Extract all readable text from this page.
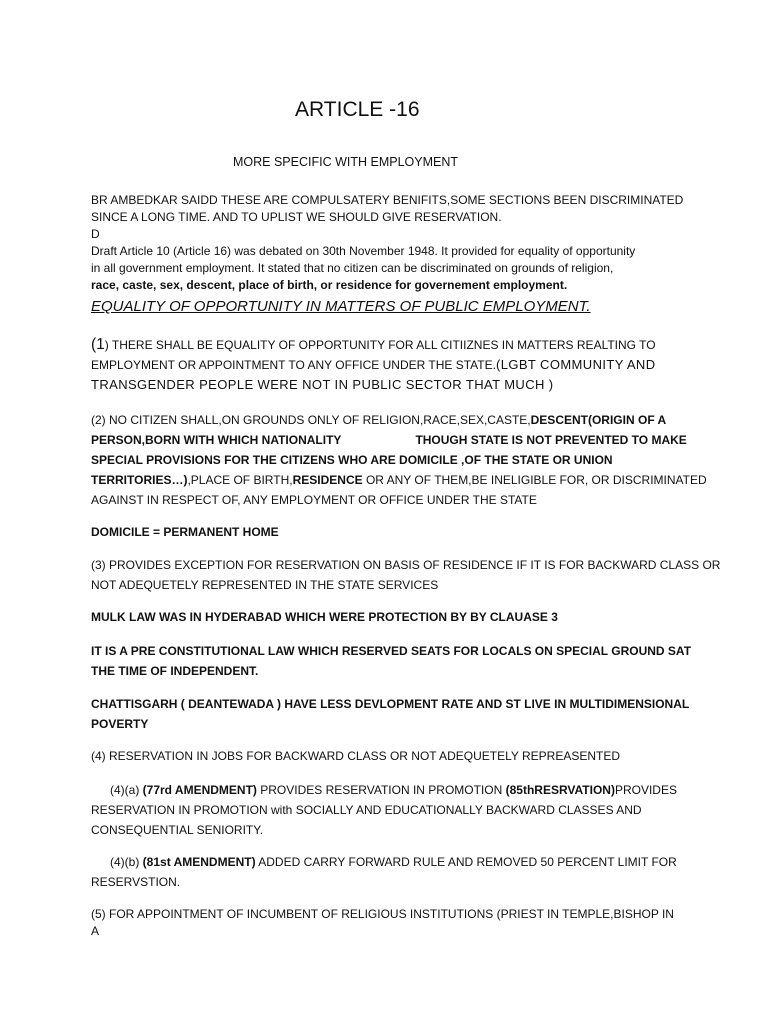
ARTICLE -16
MORE SPECIFIC WITH EMPLOYMENT
BR AMBEDKAR SAIDD THESE ARE COMPULSATERY BENIFITS,SOME SECTIONS BEEN DISCRIMINATED
SINCE A LONG TIME. AND TO UPLIST WE SHOULD GIVE RESERVATION.
D
Draft Article 10 (Article 16) was debated on 30th November 1948. It provided for equality of opportunity
in all government employment. It stated that no citizen can be discriminated on grounds of religion,
race, caste, sex, descent, place of birth, or residence for governement employment.
EQUALITY OF OPPORTUNITY IN MATTERS OF PUBLIC EMPLOYMENT.
(1) THERE SHALL BE EQUALITY OF OPPORTUNITY FOR ALL CITIIZNES IN MATTERS REALTING TO
EMPLOYMENT OR APPOINTMENT TO ANY OFFICE UNDER THE STATE.(LGBT COMMUNITY AND
TRANSGENDER PEOPLE WERE NOT IN PUBLIC SECTOR THAT MUCH )
(2) NO CITIZEN SHALL,ON GROUNDS ONLY OF RELIGION,RACE,SEX,CASTE,DESCENT(ORIGIN OF A
PERSON,BORN WITH WHICH NATIONALITY	THOUGH STATE IS NOT PREVENTED TO MAKE
SPECIAL PROVISIONS FOR THE CITIZENS WHO ARE DOMICILE ,OF THE STATE OR UNION
TERRITORIES…),PLACE OF BIRTH,RESIDENCE OR ANY OF THEM,BE INELIGIBLE FOR, OR DISCRIMINATED
AGAINST IN RESPECT OF, ANY EMPLOYMENT OR OFFICE UNDER THE STATE
DOMICILE = PERMANENT HOME
(3) PROVIDES EXCEPTION FOR RESERVATION ON BASIS OF RESIDENCE IF IT IS FOR BACKWARD CLASS OR
NOT ADEQUETELY REPRESENTED IN THE STATE SERVICES
MULK LAW WAS IN HYDERABAD WHICH WERE PROTECTION BY BY CLAUASE 3
IT IS A PRE CONSTITUTIONAL LAW WHICH RESERVED SEATS FOR LOCALS ON SPECIAL GROUND SAT
THE TIME OF INDEPENDENT.
CHATTISGARH ( DEANTEWADA ) HAVE LESS DEVLOPMENT RATE AND ST LIVE IN MULTIDIMENSIONAL
POVERTY
(4) RESERVATION IN JOBS FOR BACKWARD CLASS OR NOT ADEQUETELY REPREASENTED
(4)(a) (77rd AMENDMENT) PROVIDES RESERVATION IN PROMOTION (85thRESRVATION)PROVIDES
RESERVATION IN PROMOTION with SOCIALLY AND EDUCATIONALLY BACKWARD CLASSES AND
CONSEQUENTIAL SENIORITY.
(4)(b) (81st AMENDMENT) ADDED CARRY FORWARD RULE AND REMOVED 50 PERCENT LIMIT FOR
RESERVSTION.
(5) FOR APPOINTMENT OF INCUMBENT OF RELIGIOUS INSTITUTIONS (PRIEST IN TEMPLE,BISHOP IN A
